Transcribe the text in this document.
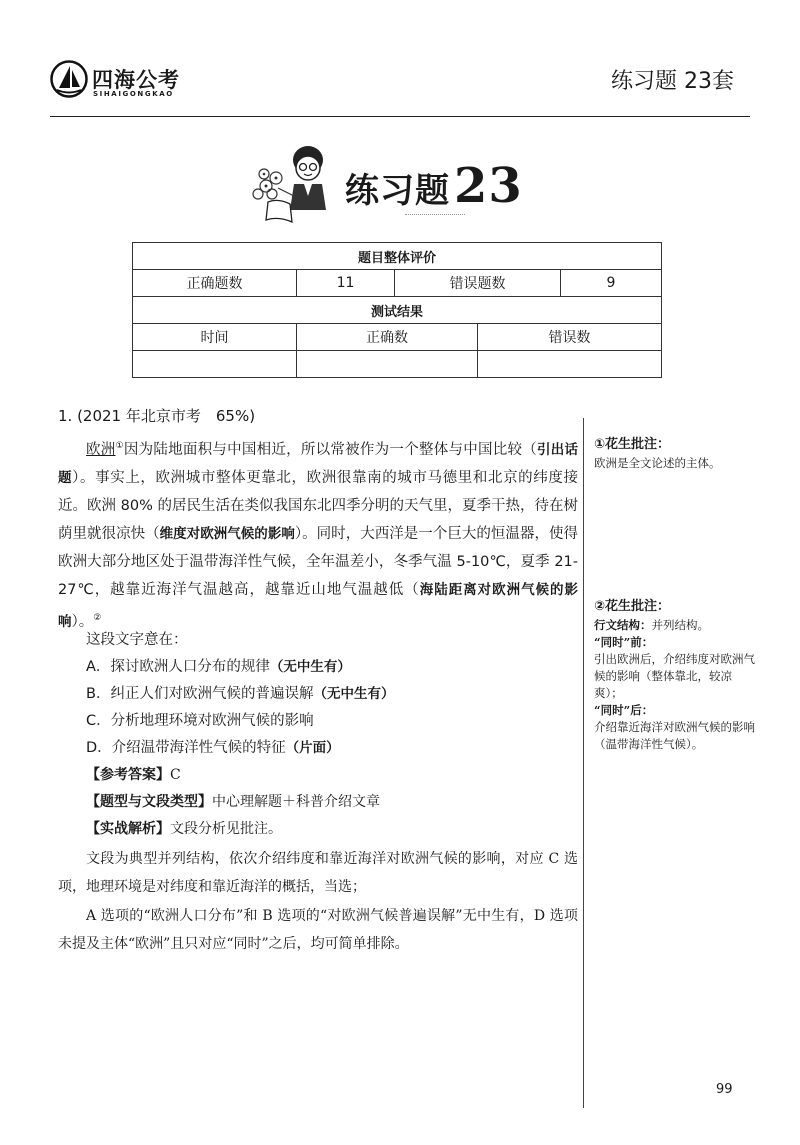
四海公考
SIHAIGONGKAO	练习题 23套
练习题23
题目整体评价				
正确题数	11	错误题数		9
测试结果				
时间	正确数		错误数	

1. (2021 年北京市考　65%)
欧洲①因为陆地面积与中国相近，所以常被作为一个整体与中国比较（引出话题）。事实上，欧洲城市整体更靠北，欧洲很靠南的城市马德里和北京的纬度接近。欧洲 80% 的居民生活在类似我国东北四季分明的天气里，夏季干热，待在树荫里就很凉快（维度对欧洲气候的影响）。同时，大西洋是一个巨大的恒温器，使得欧洲大部分地区处于温带海洋性气候，全年温差小，冬季气温 5-10℃，夏季 21-27℃，越靠近海洋气温越高，越靠近山地气温越低（海陆距离对欧洲气候的影响）。②
这段文字意在：
A．探讨欧洲人口分布的规律（无中生有）
B．纠正人们对欧洲气候的普遍误解（无中生有）
C．分析地理环境对欧洲气候的影响
D．介绍温带海洋性气候的特征（片面）
【参考答案】C
【题型与文段类型】中心理解题＋科普介绍文章
【实战解析】文段分析见批注。
文段为典型并列结构，依次介绍纬度和靠近海洋对欧洲气候的影响，对应 C 选项，地理环境是对纬度和靠近海洋的概括，当选；
A 选项的“欧洲人口分布”和 B 选项的“对欧洲气候普遍误解”无中生有，D 选项未提及主体“欧洲”且只对应“同时”之后，均可简单排除。
①花生批注：
欧洲是全文论述的主体。
②花生批注：
行文结构：并列结构。
“同时”前：
引出欧洲后，介绍纬度对欧洲气候的影响（整体靠北，较凉爽）；
“同时”后：
介绍靠近海洋对欧洲气候的影响（温带海洋性气候）。
99
